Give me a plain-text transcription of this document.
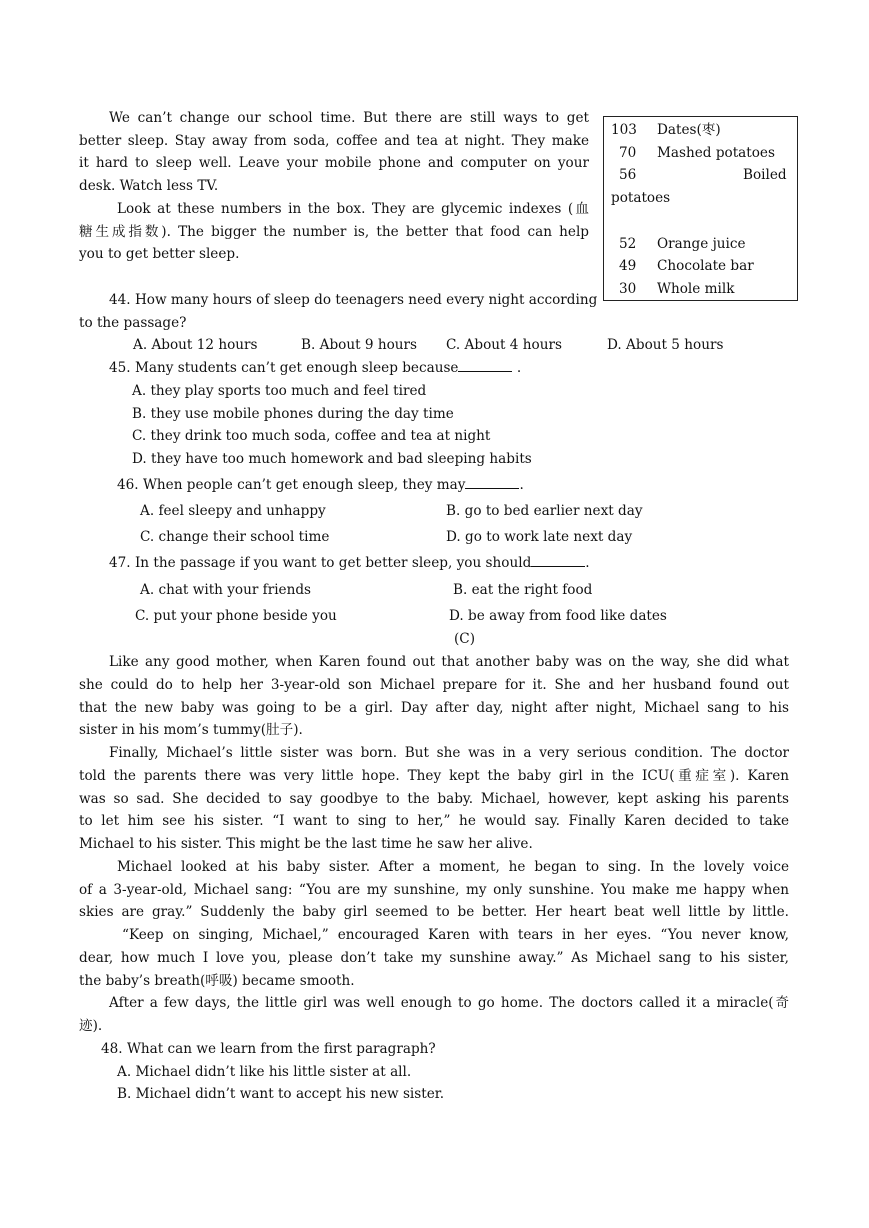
We can’t change our school time. But there are still ways to get
better sleep. Stay away from soda, coffee and tea at night. They make
it hard to sleep well. Leave your mobile phone and computer on your
desk. Watch less TV.
Look at these numbers in the box. They are glycemic indexes (血
糖生成指数). The bigger the number is, the better that food can help
you to get better sleep.
103 Dates(枣)
70 Mashed potatoes
56	Boiled
potatoes
52 Orange juice
49 Chocolate bar
30 Whole milk
44. How many hours of sleep do teenagers need every night according
to the passage?
A. About 12 hours	B. About 9 hours C. About 4 hours	D. About 5 hours
45. Many students can’t get enough sleep because	.
A. they play sports too much and feel tired
B. they use mobile phones during the day time
C. they drink too much soda, coffee and tea at night
D. they have too much homework and bad sleeping habits
46. When people can’t get enough sleep, they may	.
A. feel sleepy and unhappy	B. go to bed earlier next day
C. change their school time	D. go to work late next day
47. In the passage if you want to get better sleep, you should	.
A. chat with your friends	B. eat the right food
C. put your phone beside you	D. be away from food like dates
(C)
Like any good mother, when Karen found out that another baby was on the way, she did what
she could do to help her 3-year-old son Michael prepare for it. She and her husband found out
that the new baby was going to be a girl. Day after day, night after night, Michael sang to his
sister in his mom’s tummy(肚子).
Finally, Michael’s little sister was born. But she was in a very serious condition. The doctor
told the parents there was very little hope. They kept the baby girl in the ICU(重症室). Karen
was so sad. She decided to say goodbye to the baby. Michael, however, kept asking his parents
to let him see his sister. “I want to sing to her,” he would say. Finally Karen decided to take
Michael to his sister. This might be the last time he saw her alive.
Michael looked at his baby sister. After a moment, he began to sing. In the lovely voice
of a 3-year-old, Michael sang: “You are my sunshine, my only sunshine. You make me happy when
skies are gray.” Suddenly the baby girl seemed to be better. Her heart beat well little by little.
“Keep on singing, Michael,” encouraged Karen with tears in her eyes. “You never know,
dear, how much I love you, please don’t take my sunshine away.” As Michael sang to his sister,
the baby’s breath(呼吸) became smooth.
After a few days, the little girl was well enough to go home. The doctors called it a miracle(奇
迹).
48. What can we learn from the first paragraph?
A. Michael didn’t like his little sister at all.
B. Michael didn’t want to accept his new sister.
